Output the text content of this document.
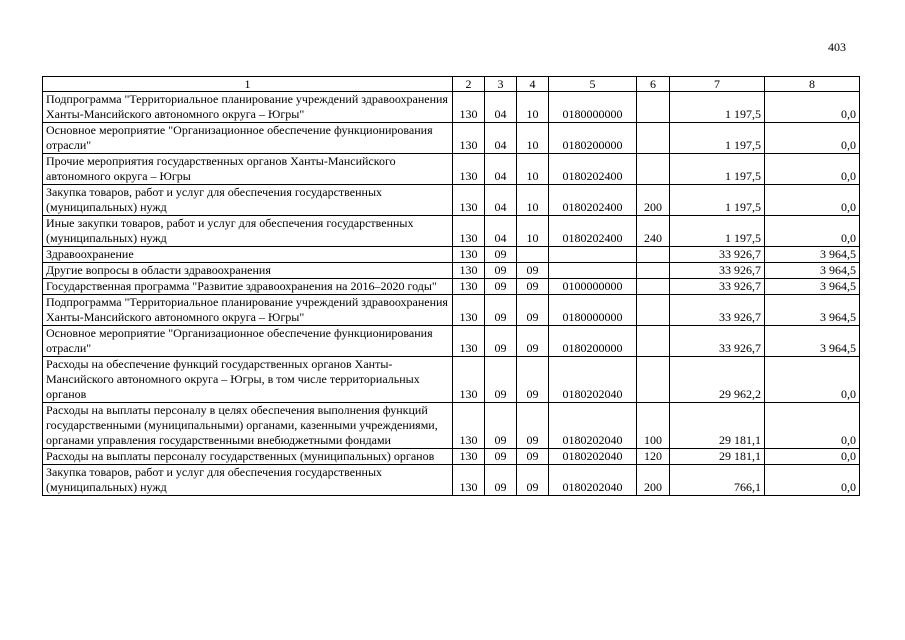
403
1	2	3	4	5	6	7	8
Подпрограмма "Территориальное планирование учреждений здравоохранения Ханты-Мансийского автономного округа – Югры"	130	04	10	0180000000		1 197,5	0,0
Основное мероприятие "Организационное обеспечение функционирования отрасли"	130	04	10	0180200000		1 197,5	0,0
Прочие мероприятия государственных органов Ханты-Мансийского автономного округа – Югры	130	04	10	0180202400		1 197,5	0,0
Закупка товаров, работ и услуг для обеспечения государственных (муниципальных) нужд	130	04	10	0180202400	200	1 197,5	0,0
Иные закупки товаров, работ и услуг для обеспечения государственных (муниципальных) нужд	130	04	10	0180202400	240	1 197,5	0,0
Здравоохранение	130	09				33 926,7	3 964,5
Другие вопросы в области здравоохранения	130	09	09			33 926,7	3 964,5
Государственная программа "Развитие здравоохранения на 2016–2020 годы"	130	09	09	0100000000		33 926,7	3 964,5
Подпрограмма "Территориальное планирование учреждений здравоохранения Ханты-Мансийского автономного округа – Югры"	130	09	09	0180000000		33 926,7	3 964,5
Основное мероприятие "Организационное обеспечение функционирования отрасли"	130	09	09	0180200000		33 926,7	3 964,5
Расходы на обеспечение функций государственных органов Ханты-Мансийского автономного округа – Югры, в том числе территориальных органов	130	09	09	0180202040		29 962,2	0,0
Расходы на выплаты персоналу в целях обеспечения выполнения функций государственными (муниципальными) органами, казенными учреждениями, органами управления государственными внебюджетными фондами	130	09	09	0180202040	100	29 181,1	0,0
Расходы на выплаты персоналу государственных (муниципальных) органов	130	09	09	0180202040	120	29 181,1	0,0
Закупка товаров, работ и услуг для обеспечения государственных (муниципальных) нужд	130	09	09	0180202040	200	766,1	0,0
